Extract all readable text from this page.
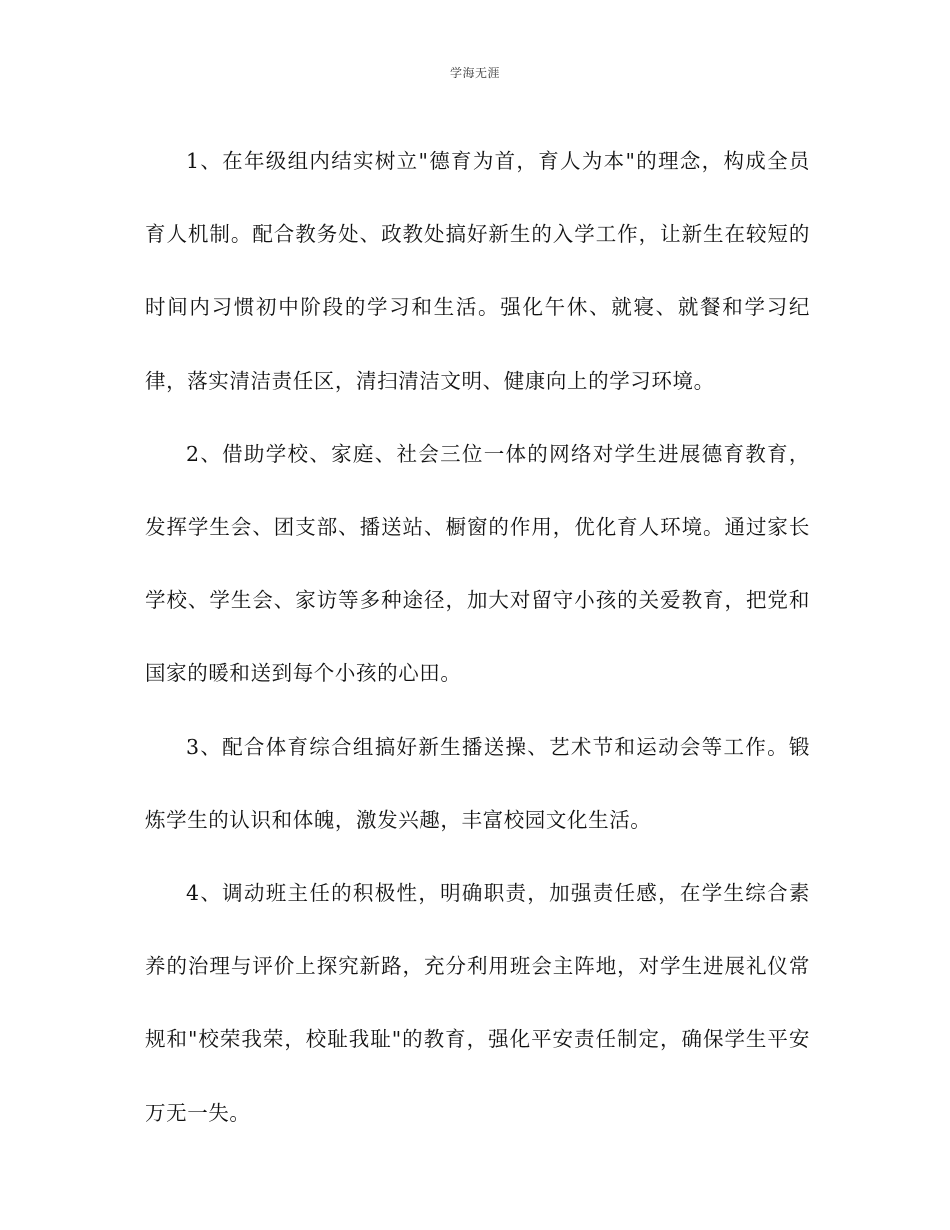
学海无涯

1、在年级组内结实树立"德育为首，育人为本"的理念，构成全员育人机制。配合教务处、政教处搞好新生的入学工作，让新生在较短的时间内习惯初中阶段的学习和生活。强化午休、就寝、就餐和学习纪律，落实清洁责任区，清扫清洁文明、健康向上的学习环境。

2、借助学校、家庭、社会三位一体的网络对学生进展德育教育，发挥学生会、团支部、播送站、橱窗的作用，优化育人环境。通过家长学校、学生会、家访等多种途径，加大对留守小孩的关爱教育，把党和国家的暖和送到每个小孩的心田。

3、配合体育综合组搞好新生播送操、艺术节和运动会等工作。锻炼学生的认识和体魄，激发兴趣，丰富校园文化生活。

4、调动班主任的积极性，明确职责，加强责任感，在学生综合素养的治理与评价上探究新路，充分利用班会主阵地，对学生进展礼仪常规和"校荣我荣，校耻我耻"的教育，强化平安责任制定，确保学生平安万无一失。
